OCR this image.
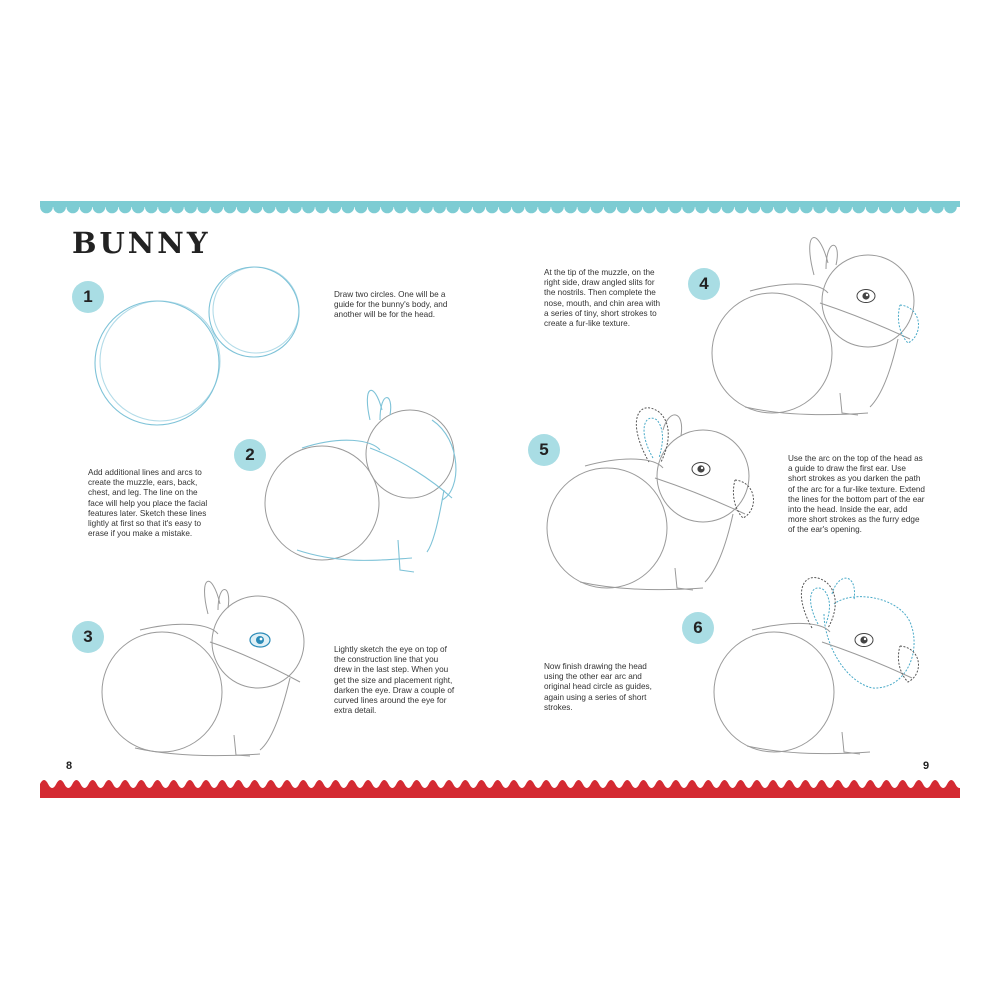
BUNNY
1
2
3
4
5
6

Draw two circles. One will be a guide for the bunny's body, and another will be for the head.

Add additional lines and arcs to create the muzzle, ears, back, chest, and leg. The line on the face will help you place the facial features later. Sketch these lines lightly at first so that it's easy to erase if you make a mistake.

Lightly sketch the eye on top of the construction line that you drew in the last step. When you get the size and placement right, darken the eye. Draw a couple of curved lines around the eye for extra detail.

At the tip of the muzzle, on the right side, draw angled slits for the nostrils. Then complete the nose, mouth, and chin area with a series of tiny, short strokes to create a fur-like texture.

Use the arc on the top of the head as a guide to draw the first ear. Use short strokes as you darken the path of the arc for a fur-like texture. Extend the lines for the bottom part of the ear into the head. Inside the ear, add more short strokes as the furry edge of the ear's opening.

Now finish drawing the head using the other ear arc and original head circle as guides, again using a series of short strokes.

8	9
